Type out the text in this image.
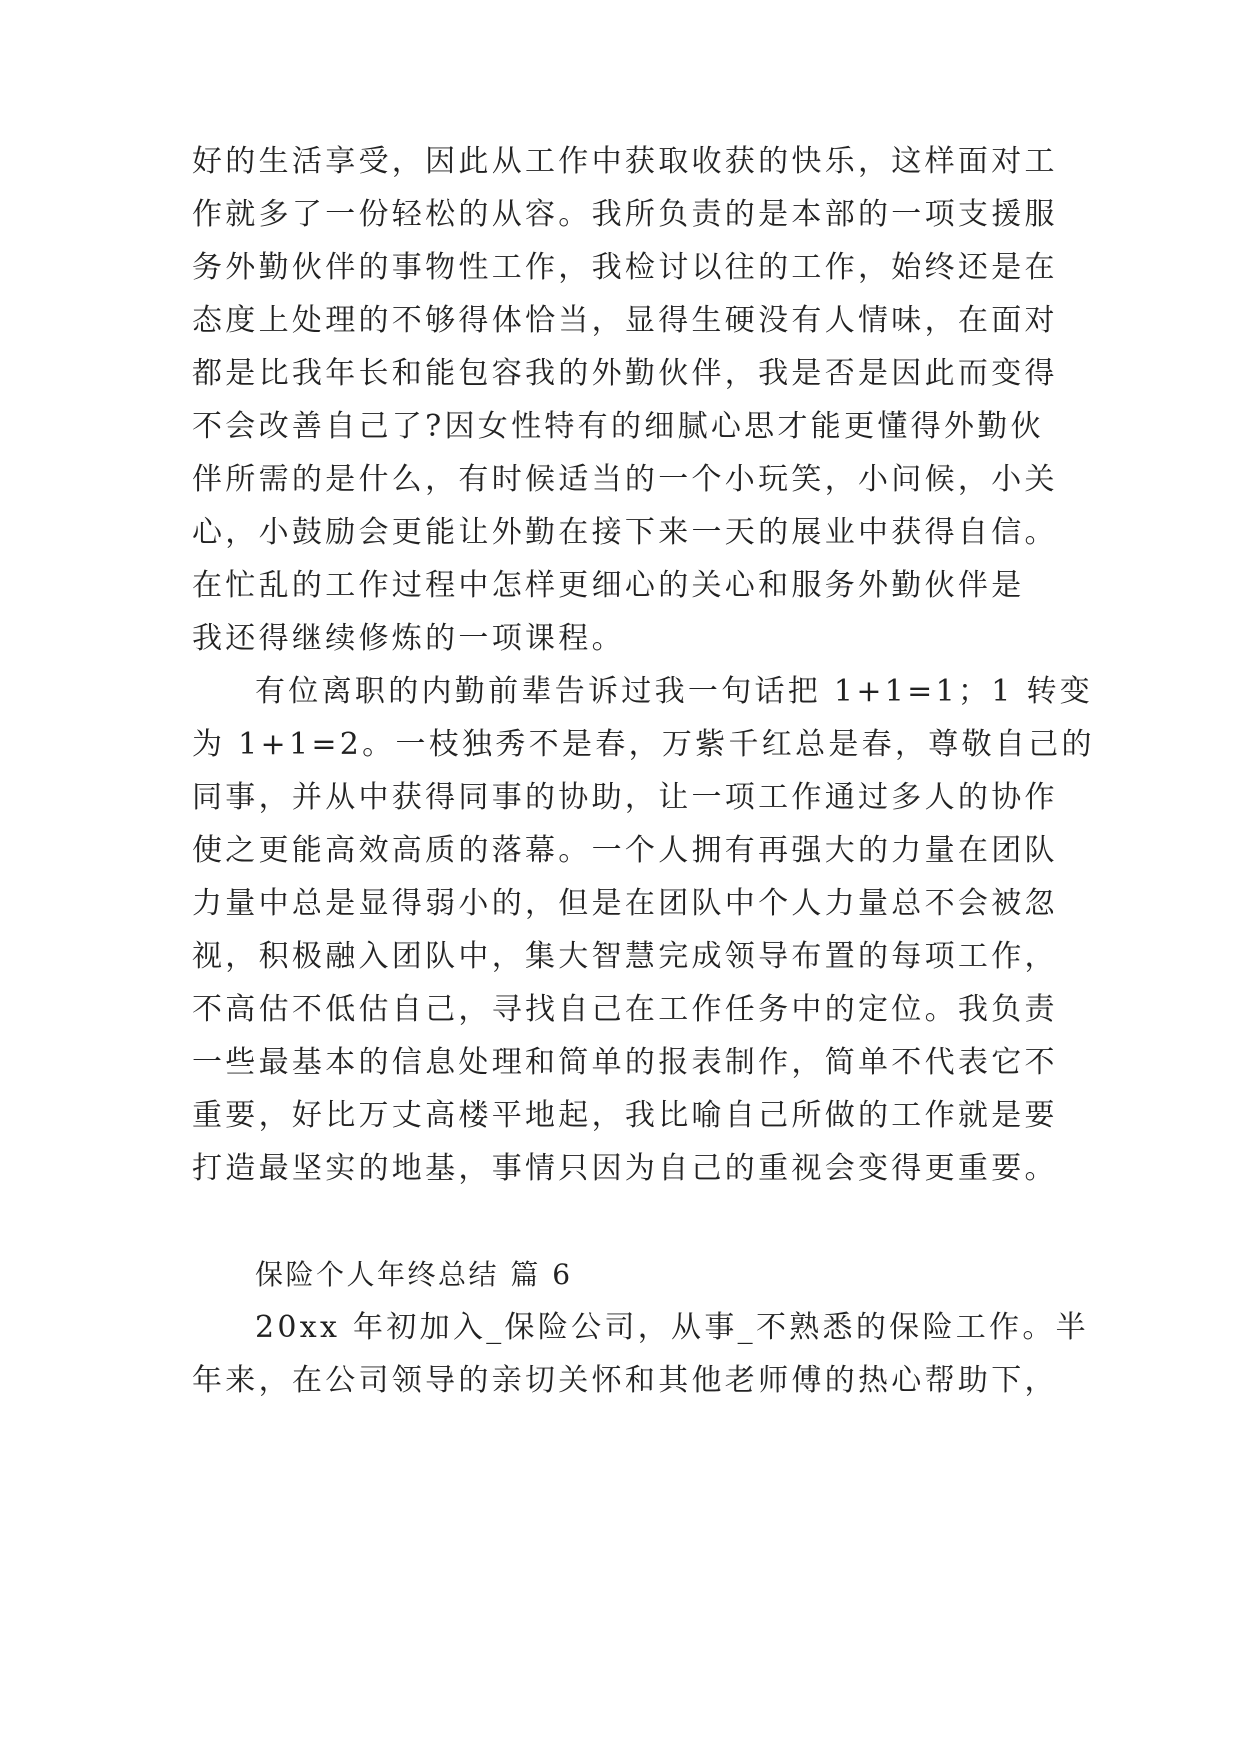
好的生活享受，因此从工作中获取收获的快乐，这样面对工
作就多了一份轻松的从容。我所负责的是本部的一项支援服
务外勤伙伴的事物性工作，我检讨以往的工作，始终还是在
态度上处理的不够得体恰当，显得生硬没有人情味，在面对
都是比我年长和能包容我的外勤伙伴，我是否是因此而变得
不会改善自己了?因女性特有的细腻心思才能更懂得外勤伙
伴所需的是什么，有时候适当的一个小玩笑，小问候，小关
心，小鼓励会更能让外勤在接下来一天的展业中获得自信。
在忙乱的工作过程中怎样更细心的关心和服务外勤伙伴是
我还得继续修炼的一项课程。
有位离职的内勤前辈告诉过我一句话把 1+1=1；1 转变
为 1+1=2。一枝独秀不是春，万紫千红总是春，尊敬自己的
同事，并从中获得同事的协助，让一项工作通过多人的协作
使之更能高效高质的落幕。一个人拥有再强大的力量在团队
力量中总是显得弱小的，但是在团队中个人力量总不会被忽
视，积极融入团队中，集大智慧完成领导布置的每项工作，
不高估不低估自己，寻找自己在工作任务中的定位。我负责
一些最基本的信息处理和简单的报表制作，简单不代表它不
重要，好比万丈高楼平地起，我比喻自己所做的工作就是要
打造最坚实的地基，事情只因为自己的重视会变得更重要。
保险个人年终总结 篇 6
20xx 年初加入_保险公司，从事_不熟悉的保险工作。半
年来，在公司领导的亲切关怀和其他老师傅的热心帮助下，
